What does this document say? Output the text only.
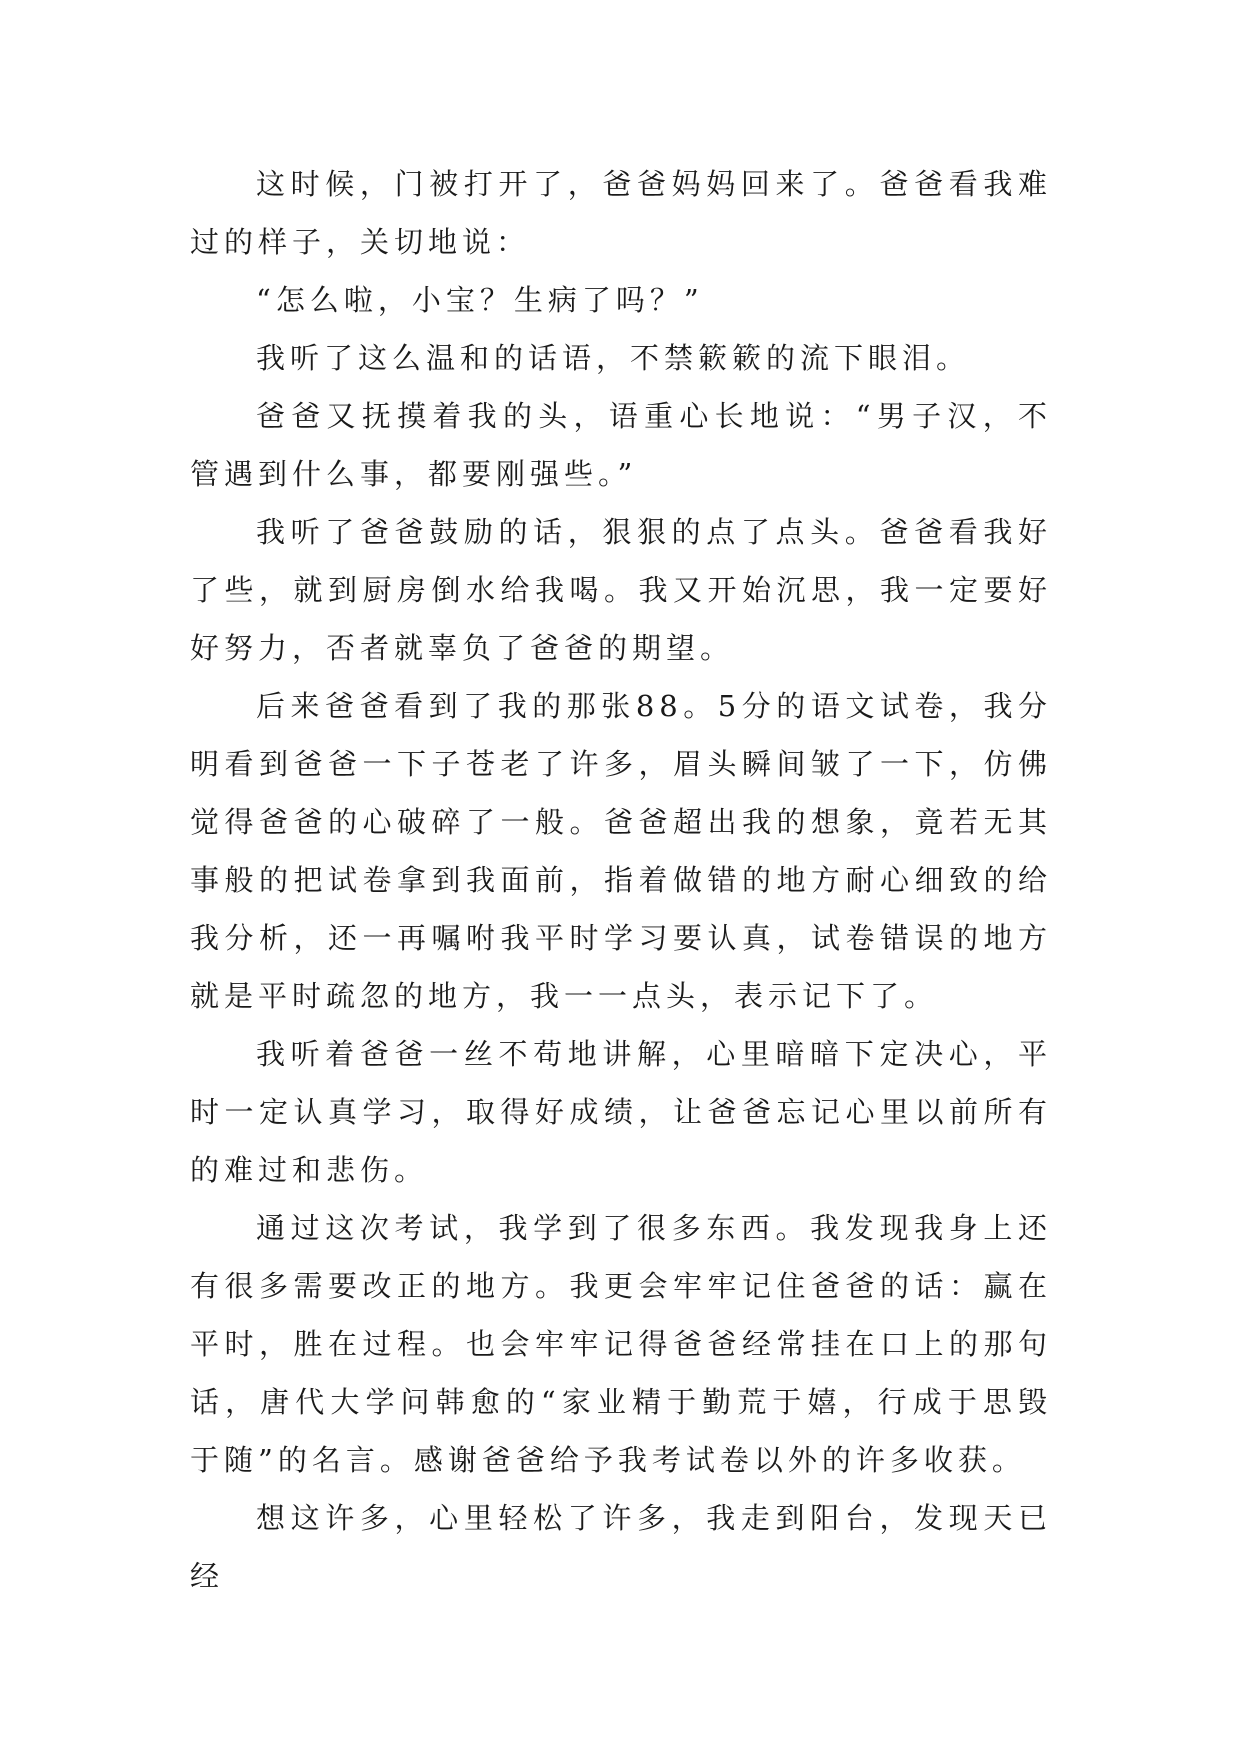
这时候，门被打开了，爸爸妈妈回来了。爸爸看我难过的样子，关切地说：

“怎么啦，小宝？生病了吗？”

我听了这么温和的话语，不禁簌簌的流下眼泪。

爸爸又抚摸着我的头，语重心长地说：“男子汉，不管遇到什么事，都要刚强些。”

我听了爸爸鼓励的话，狠狠的点了点头。爸爸看我好了些，就到厨房倒水给我喝。我又开始沉思，我一定要好好努力，否者就辜负了爸爸的期望。

后来爸爸看到了我的那张88。5分的语文试卷，我分明看到爸爸一下子苍老了许多，眉头瞬间皱了一下，仿佛觉得爸爸的心破碎了一般。爸爸超出我的想象，竟若无其事般的把试卷拿到我面前，指着做错的地方耐心细致的给我分析，还一再嘱咐我平时学习要认真，试卷错误的地方就是平时疏忽的地方，我一一点头，表示记下了。

我听着爸爸一丝不苟地讲解，心里暗暗下定决心，平时一定认真学习，取得好成绩，让爸爸忘记心里以前所有的难过和悲伤。

通过这次考试，我学到了很多东西。我发现我身上还有很多需要改正的地方。我更会牢牢记住爸爸的话：赢在平时，胜在过程。也会牢牢记得爸爸经常挂在口上的那句话，唐代大学问韩愈的“家业精于勤荒于嬉，行成于思毁于随”的名言。感谢爸爸给予我考试卷以外的许多收获。

想这许多，心里轻松了许多，我走到阳台，发现天已经
